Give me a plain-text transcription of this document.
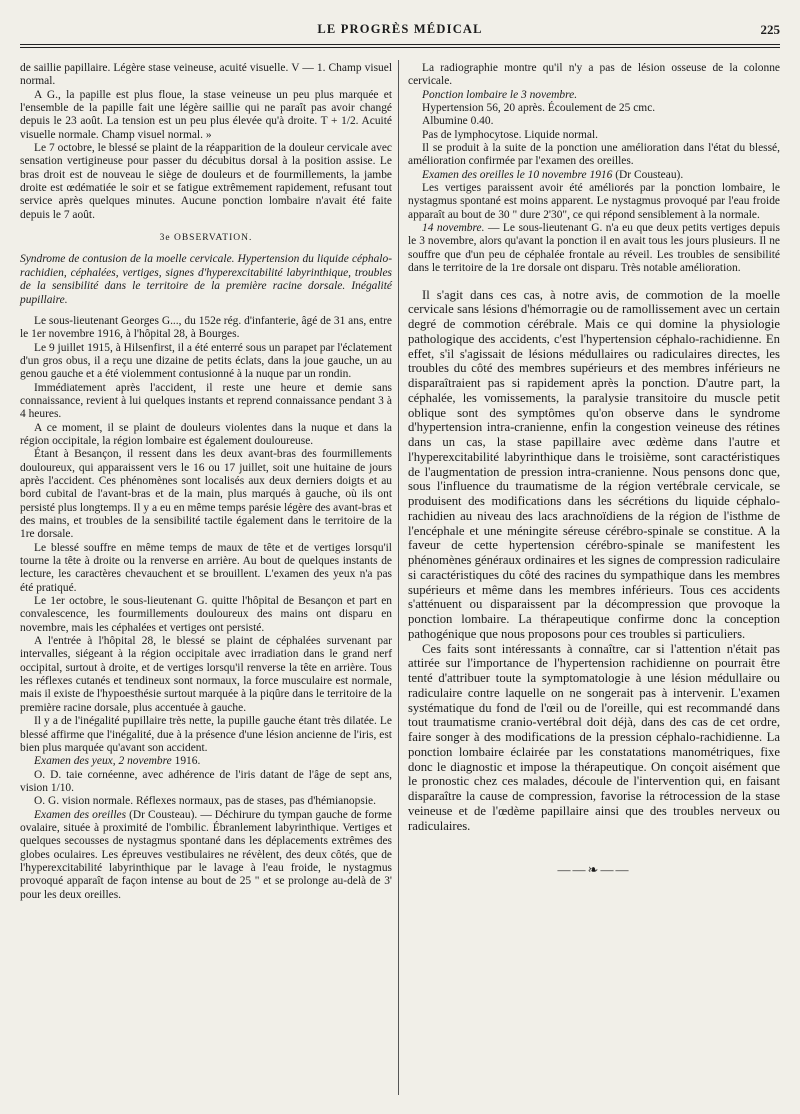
LE PROGRÈS MÉDICAL	225

de saillie papillaire. Légère stase veineuse, acuité visuelle. V — 1. Champ visuel normal.

A G., la papille est plus floue, la stase veineuse un peu plus marquée et l'ensemble de la papille fait une légère saillie qui ne paraît pas avoir changé depuis le 23 août. La tension est un peu plus élevée qu'à droite. T + 1/2. Acuité visuelle normale. Champ visuel normal. »

Le 7 octobre, le blessé se plaint de la réapparition de la douleur cervicale avec sensation vertigineuse pour passer du décubitus dorsal à la position assise. Le bras droit est de nouveau le siège de douleurs et de fourmillements, la jambe droite est œdématiée le soir et se fatigue extrêmement rapidement, refusant tout service après quelques minutes. Aucune ponction lombaire n'avait été faite depuis le 7 août.

3e OBSERVATION.

Syndrome de contusion de la moelle cervicale. Hypertension du liquide céphalo-rachidien, céphalées, vertiges, signes d'hyperexcitabilité labyrinthique, troubles de la sensibilité dans le territoire de la première racine dorsale. Inégalité pupillaire.

Le sous-lieutenant Georges G..., du 152e rég. d'infanterie, âgé de 31 ans, entre le 1er novembre 1916, à l'hôpital 28, à Bourges.

Le 9 juillet 1915, à Hilsenfirst, il a été enterré sous un parapet par l'éclatement d'un gros obus, il a reçu une dizaine de petits éclats, dans la joue gauche, un au genou gauche et a été violemment contusionné à la nuque par un rondin.

Immédiatement après l'accident, il reste une heure et demie sans connaissance, revient à lui quelques instants et reprend connaissance pendant 3 à 4 heures.

A ce moment, il se plaint de douleurs violentes dans la nuque et dans la région occipitale, la région lombaire est également douloureuse.

Étant à Besançon, il ressent dans les deux avant-bras des fourmillements douloureux, qui apparaissent vers le 16 ou 17 juillet, soit une huitaine de jours après l'accident. Ces phénomènes sont localisés aux deux derniers doigts et au bord cubital de l'avant-bras et de la main, plus marqués à gauche, où ils ont persisté plus longtemps. Il y a eu en même temps parésie légère des avant-bras et des mains, et troubles de la sensibilité tactile également dans le territoire de la 1re dorsale.

Le blessé souffre en même temps de maux de tête et de vertiges lorsqu'il tourne la tête à droite ou la renverse en arrière. Au bout de quelques instants de lecture, les caractères chevauchent et se brouillent. L'examen des yeux n'a pas été pratiqué.

Le 1er octobre, le sous-lieutenant G. quitte l'hôpital de Besançon et part en convalescence, les fourmillements douloureux des mains ont disparu en novembre, mais les céphalées et vertiges ont persisté.

A l'entrée à l'hôpital 28, le blessé se plaint de céphalées survenant par intervalles, siégeant à la région occipitale avec irradiation dans le grand nerf occipital, surtout à droite, et de vertiges lorsqu'il renverse la tête en arrière. Tous les réflexes cutanés et tendineux sont normaux, la force musculaire est normale, mais il existe de l'hypoesthésie surtout marquée à la piqûre dans le territoire de la première racine dorsale, plus accentuée à gauche.

Il y a de l'inégalité pupillaire très nette, la pupille gauche étant très dilatée. Le blessé affirme que l'inégalité, due à la présence d'une lésion ancienne de l'iris, est bien plus marquée qu'avant son accident.

Examen des yeux, 2 novembre 1916.

O. D. taie cornéenne, avec adhérence de l'iris datant de l'âge de sept ans, vision 1/10.

O. G. vision normale. Réflexes normaux, pas de stases, pas d'hémianopsie.

Examen des oreilles (Dr Cousteau). — Déchirure du tympan gauche de forme ovalaire, située à proximité de l'ombilic. Ébranlement labyrinthique. Vertiges et quelques secousses de nystagmus spontané dans les déplacements extrêmes des globes oculaires. Les épreuves vestibulaires ne révèlent, des deux côtés, que de l'hyperexcitabilité labyrinthique par le lavage à l'eau froide, le nystagmus provoqué apparaît de façon intense au bout de 25 " et se prolonge au-delà de 3' pour les deux oreilles.

La radiographie montre qu'il n'y a pas de lésion osseuse de la colonne cervicale.

Ponction lombaire le 3 novembre.

Hypertension 56, 20 après. Écoulement de 25 cmc.

Albumine 0.40.

Pas de lymphocytose. Liquide normal.

Il se produit à la suite de la ponction une amélioration dans l'état du blessé, amélioration confirmée par l'examen des oreilles.

Examen des oreilles le 10 novembre 1916 (Dr Cousteau).

Les vertiges paraissent avoir été améliorés par la ponction lombaire, le nystagmus spontané est moins apparent. Le nystagmus provoqué par l'eau froide apparaît au bout de 30 " dure 2'30", ce qui répond sensiblement à la normale.

14 novembre. — Le sous-lieutenant G. n'a eu que deux petits vertiges depuis le 3 novembre, alors qu'avant la ponction il en avait tous les jours plusieurs. Il ne souffre que d'un peu de céphalée frontale au réveil. Les troubles de sensibilité dans le territoire de la 1re dorsale ont disparu. Très notable amélioration.

Il s'agit dans ces cas, à notre avis, de commotion de la moelle cervicale sans lésions d'hémorragie ou de ramollissement avec un certain degré de commotion cérébrale. Mais ce qui domine la physiologie pathologique des accidents, c'est l'hypertension céphalo-rachidienne. En effet, s'il s'agissait de lésions médullaires ou radiculaires directes, les troubles du côté des membres supérieurs et des membres inférieurs ne disparaîtraient pas si rapidement après la ponction. D'autre part, la céphalée, les vomissements, la paralysie transitoire du muscle petit oblique sont des symptômes qu'on observe dans le syndrome d'hypertension intra-cranienne, enfin la congestion veineuse des rétines dans un cas, la stase papillaire avec œdème dans l'autre et l'hyperexcitabilité labyrinthique dans le troisième, sont caractéristiques de l'augmentation de pression intra-cranienne. Nous pensons donc que, sous l'influence du traumatisme de la région vertébrale cervicale, se produisent des modifications dans les sécrétions du liquide céphalo-rachidien au niveau des lacs arachnoïdiens de la région de l'isthme de l'encéphale et une méningite séreuse cérébro-spinale se constitue. A la faveur de cette hypertension cérébro-spinale se manifestent les phénomènes généraux ordinaires et les signes de compression radiculaire si caractéristiques du côté des racines du sympathique dans les membres supérieurs et même dans les membres inférieurs. Tous ces accidents s'atténuent ou disparaissent par la décompression que provoque la ponction lombaire. La thérapeutique confirme donc la conception pathogénique que nous proposons pour ces troubles si particuliers.

Ces faits sont intéressants à connaître, car si l'attention n'était pas attirée sur l'importance de l'hypertension rachidienne on pourrait être tenté d'attribuer toute la symptomatologie à une lésion médullaire ou radiculaire contre laquelle on ne songerait pas à intervenir. L'examen systématique du fond de l'œil ou de l'oreille, qui est recommandé dans tout traumatisme cranio-vertébral doit déjà, dans des cas de cet ordre, faire songer à des modifications de la pression céphalo-rachidienne. La ponction lombaire éclairée par les constatations manométriques, fixe donc le diagnostic et impose la thérapeutique. On conçoit aisément que le pronostic chez ces malades, découle de l'intervention qui, en faisant disparaître la cause de compression, favorise la rétrocession de la stase veineuse et de l'œdème papillaire ainsi que des troubles nerveux ou radiculaires.

——❧——
